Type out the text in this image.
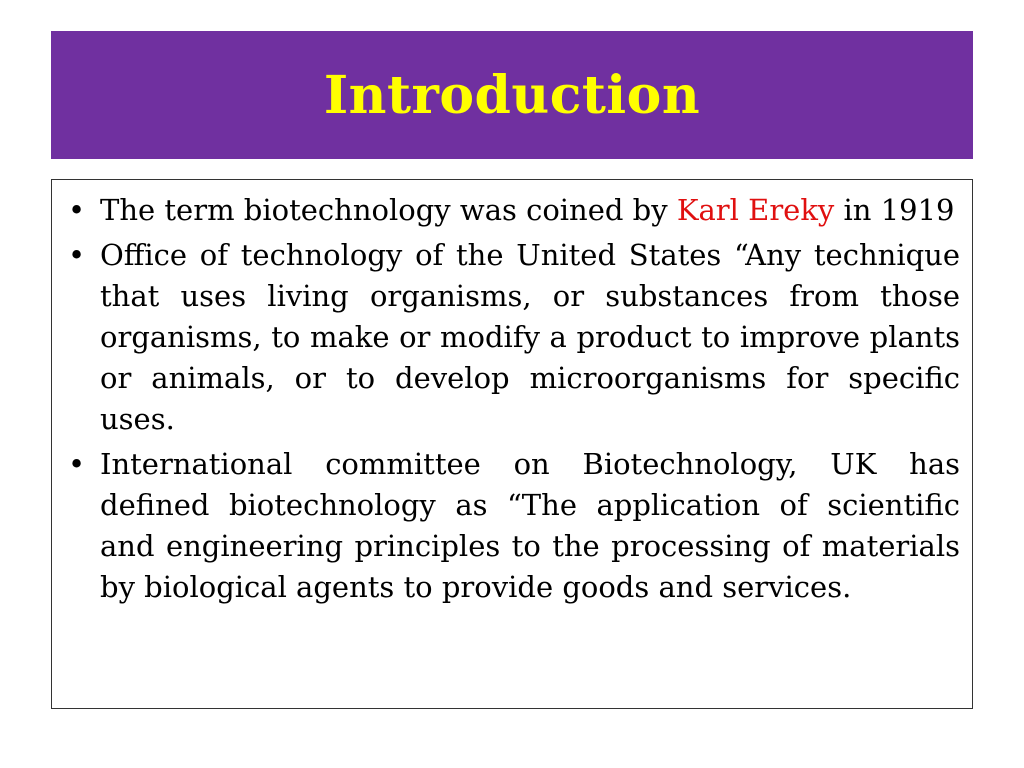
Introduction
• The term biotechnology was coined by Karl Ereky in 1919
• Office of technology of the United States “Any technique that uses living organisms, or substances from those organisms, to make or modify a product to improve plants or animals, or to develop microorganisms for specific uses.
• International committee on Biotechnology, UK has defined biotechnology as “The application of scientific and engineering principles to the processing of materials by biological agents to provide goods and services.
